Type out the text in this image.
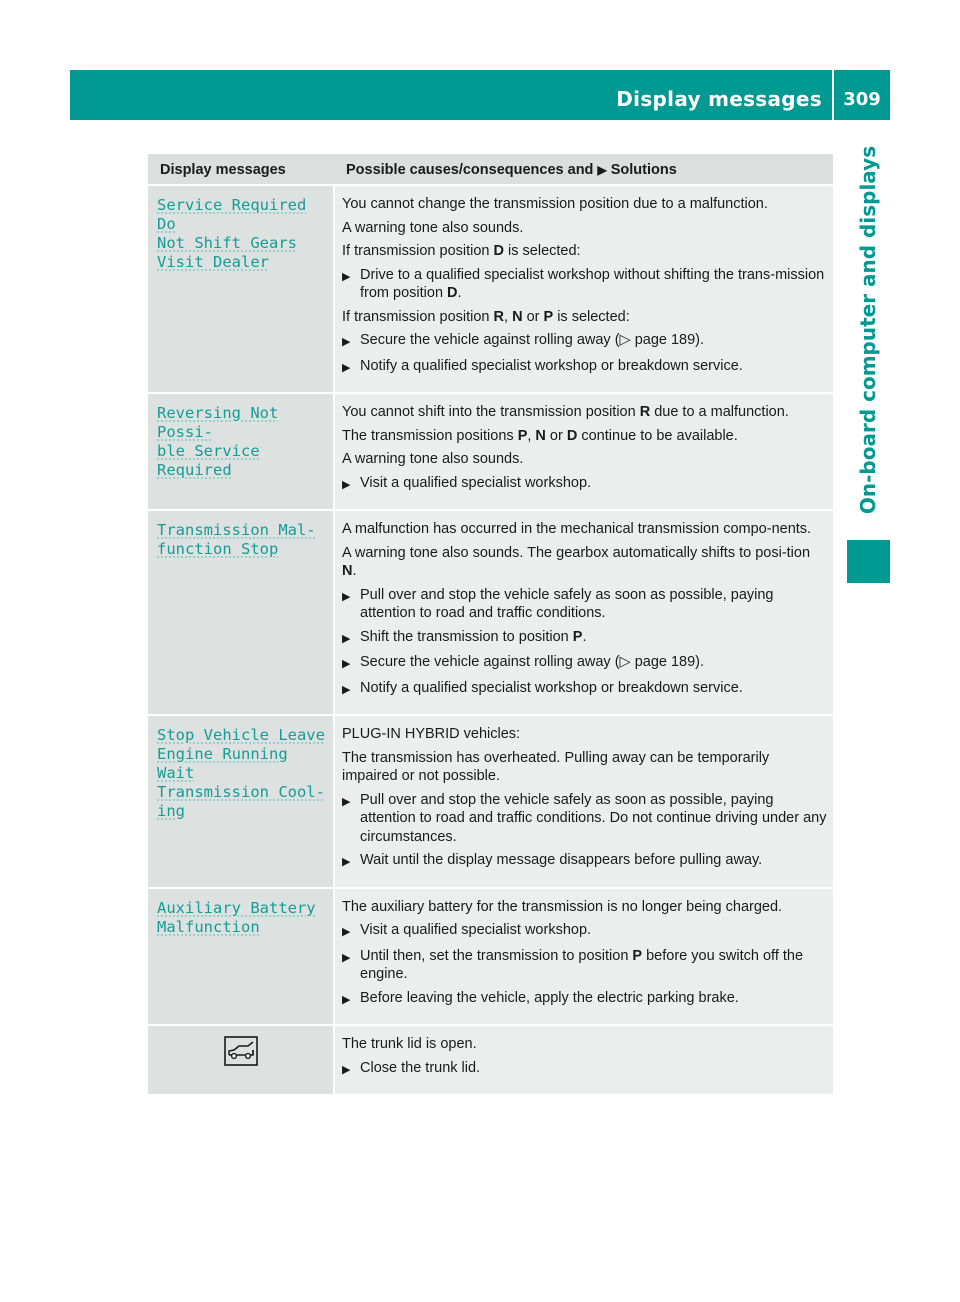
Display messages	309
On-board computer and displays
Display messages	Possible causes/consequences and ▶ Solutions
Service Required Do
Not Shift Gears
Visit Dealer
You cannot change the transmission position due to a malfunction.
A warning tone also sounds.
If transmission position D is selected:
▶ Drive to a qualified specialist workshop without shifting the trans-mission from position D.
If transmission position R, N or P is selected:
▶ Secure the vehicle against rolling away (▷ page 189).
▶ Notify a qualified specialist workshop or breakdown service.
Reversing Not Possi‐
ble Service Required
You cannot shift into the transmission position R due to a malfunction.
The transmission positions P, N or D continue to be available.
A warning tone also sounds.
▶ Visit a qualified specialist workshop.
Transmission Mal‐
function Stop
A malfunction has occurred in the mechanical transmission compo-nents.
A warning tone also sounds. The gearbox automatically shifts to posi-tion N.
▶ Pull over and stop the vehicle safely as soon as possible, paying attention to road and traffic conditions.
▶ Shift the transmission to position P.
▶ Secure the vehicle against rolling away (▷ page 189).
▶ Notify a qualified specialist workshop or breakdown service.
Stop Vehicle Leave
Engine Running Wait
Transmission Cool‐
ing
PLUG-IN HYBRID vehicles:
The transmission has overheated. Pulling away can be temporarily impaired or not possible.
▶ Pull over and stop the vehicle safely as soon as possible, paying attention to road and traffic conditions. Do not continue driving under any circumstances.
▶ Wait until the display message disappears before pulling away.
Auxiliary Battery
Malfunction
The auxiliary battery for the transmission is no longer being charged.
▶ Visit a qualified specialist workshop.
▶ Until then, set the transmission to position P before you switch off the engine.
▶ Before leaving the vehicle, apply the electric parking brake.
The trunk lid is open.
▶ Close the trunk lid.
